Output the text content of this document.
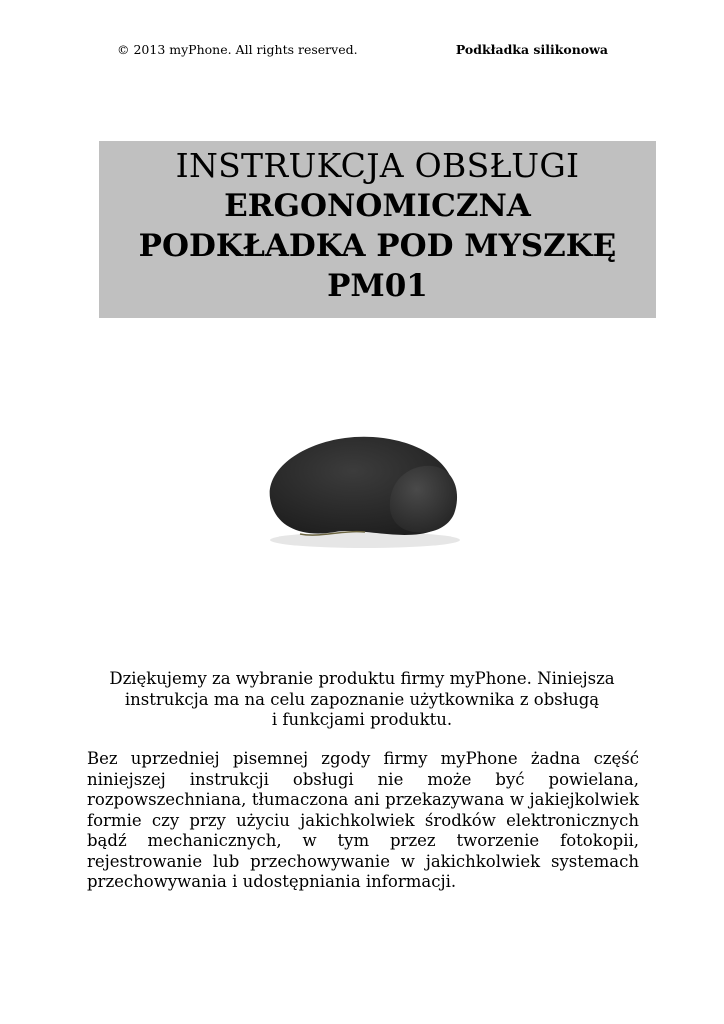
© 2013 myPhone. All rights reserved.	Podkładka silikonowa
INSTRUKCJA OBSŁUGI
ERGONOMICZNA
PODKŁADKA POD MYSZKĘ
PM01
Dziękujemy za wybranie produktu firmy myPhone. Niniejsza
instrukcja ma na celu zapoznanie użytkownika z obsługą
i funkcjami produktu.

Bez uprzedniej pisemnej zgody firmy myPhone żadna część niniejszej instrukcji obsługi nie może być powielana, rozpowszechniana, tłumaczona ani przekazywana w jakiejkolwiek formie czy przy użyciu jakichkolwiek środków elektronicznych bądź mechanicznych, w tym przez tworzenie fotokopii, rejestrowanie lub przechowywanie w jakichkolwiek systemach przechowywania i udostępniania informacji.
